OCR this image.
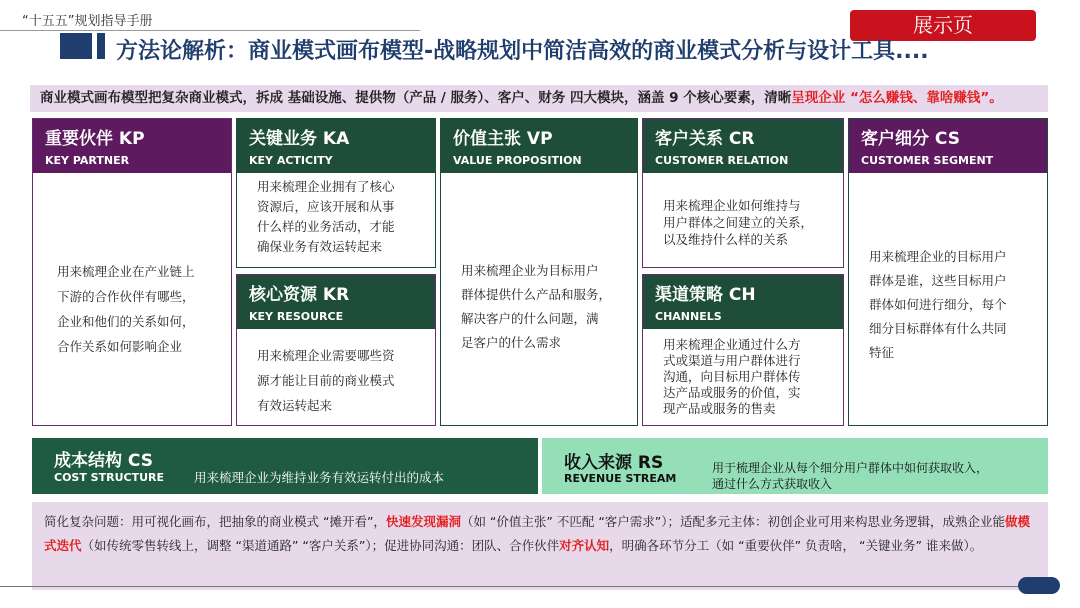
“十五五”规划指导手册	展示页
方法论解析：商业模式画布模型-战略规划中简洁高效的商业模式分析与设计工具....
商业模式画布模型把复杂商业模式，拆成 基础设施、提供物（产品 / 服务）、客户、财务 四大模块，涵盖 9 个核心要素，清晰呈现企业 “怎么赚钱、靠啥赚钱”。
重要伙伴 KP
KEY PARTNER
用来梳理企业在产业链上
下游的合作伙伴有哪些，
企业和他们的关系如何，
合作关系如何影响企业
关键业务 KA
KEY ACTICITY
用来梳理企业拥有了核心
资源后，应该开展和从事
什么样的业务活动，才能
确保业务有效运转起来
核心资源 KR
KEY RESOURCE
用来梳理企业需要哪些资
源才能让目前的商业模式
有效运转起来
价值主张 VP
VALUE PROPOSITION
用来梳理企业为目标用户
群体提供什么产品和服务，
解决客户的什么问题，满
足客户的什么需求
客户关系 CR
CUSTOMER RELATION
用来梳理企业如何维持与
用户群体之间建立的关系，
以及维持什么样的关系
渠道策略 CH
CHANNELS
用来梳理企业通过什么方
式或渠道与用户群体进行
沟通，向目标用户群体传
达产品或服务的价值，实
现产品或服务的售卖
客户细分 CS
CUSTOMER SEGMENT
用来梳理企业的目标用户
群体是谁，这些目标用户
群体如何进行细分，每个
细分目标群体有什么共同
特征
成本结构 CS
COST STRUCTURE 用来梳理企业为维持业务有效运转付出的成本
收入来源 RS
REVENUE STREAM
用于梳理企业从每个细分用户群体中如何获取收入，
通过什么方式获取收入
简化复杂问题：用可视化画布，把抽象的商业模式 “摊开看”，快速发现漏洞（如 “价值主张” 不匹配 “客户需求”）；适配多元主体：初创企业可用来构思业务逻辑，成熟企业能做模式迭代（如传统零售转线上，调整 “渠道通路” “客户关系”）；促进协同沟通：团队、合作伙伴对齐认知，明确各环节分工（如 “重要伙伴” 负责啥， “关键业务” 谁来做）。
